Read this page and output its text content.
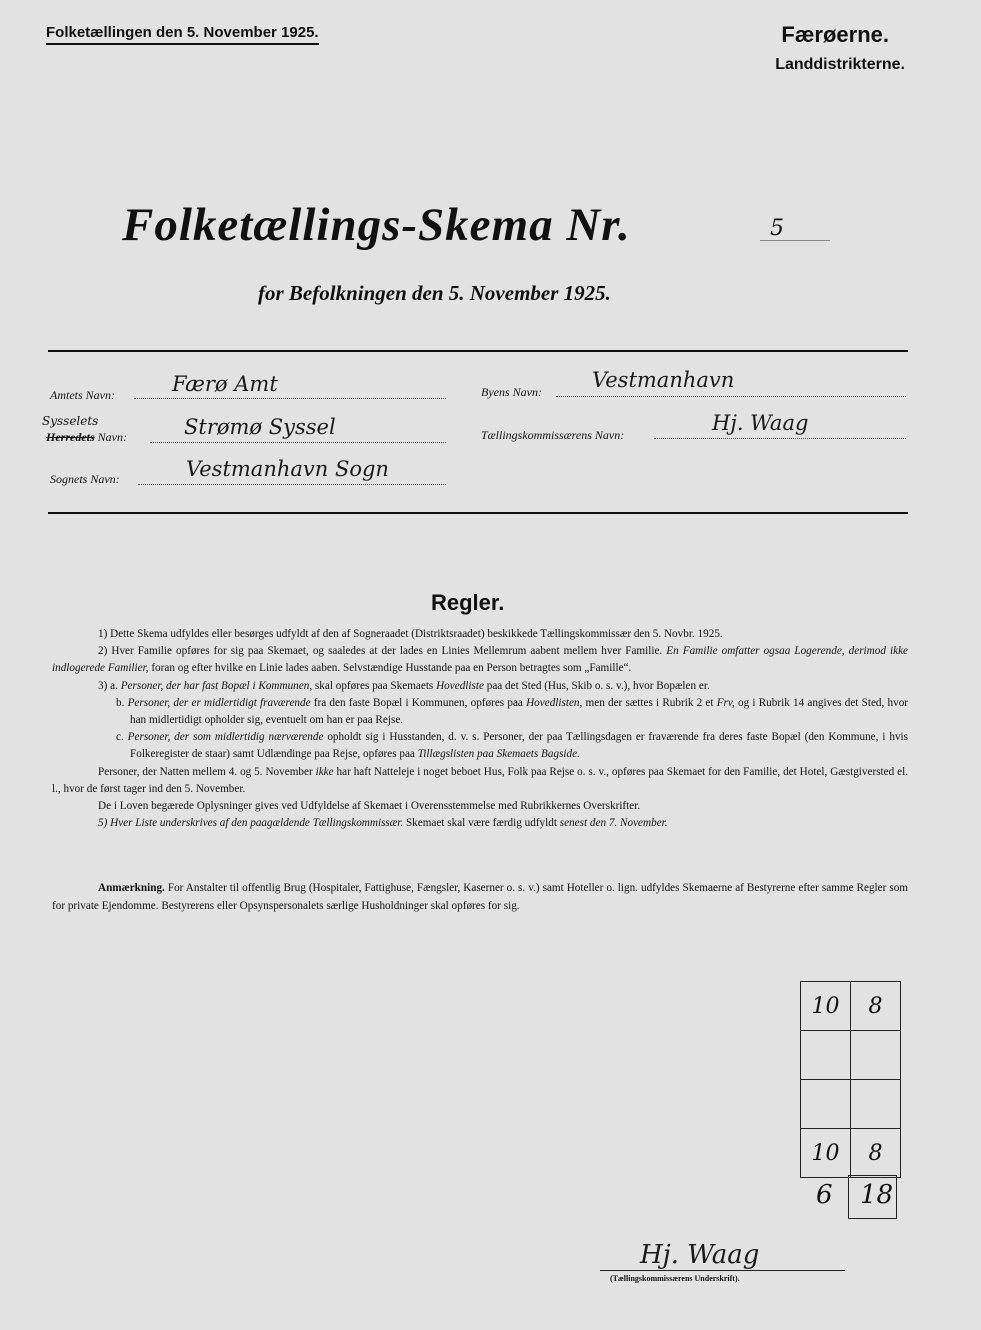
Folketællingen den 5. November 1925.	Færøerne.
Landdistrikterne.
Folketællings-Skema Nr.	5
for Befolkningen den 5. November 1925.
Amtets Navn:	Færø Amt	Byens Navn: Vestmanhavn
Sysselets
Herredets Navn:	Strømø Syssel	Tællingskommissærens Navn:	Hj. Waag
Sognets Navn:	Vestmanhavn Sogn
Regler.

1) Dette Skema udfyldes eller besørges udfyldt af den af Sogneraadet (Distriktsraadet) beskikkede Tællingskommissær den 5. Novbr. 1925.

2) Hver Familie opføres for sig paa Skemaet, og saaledes at der lades en Linies Mellemrum aabent mellem hver Familie. En Familie omfatter ogsaa Logerende, derimod ikke indlogerede Familier, foran og efter hvilke en Linie lades aaben. Selvstændige Husstande paa en Person betragtes som „Famille“.

3) a. Personer, der har fast Bopæl i Kommunen, skal opføres paa Skemaets Hovedliste paa det Sted (Hus, Skib o. s. v.), hvor Bopælen er.

b. Personer, der er midlertidigt fraværende fra den faste Bopæl i Kommunen, opføres paa Hovedlisten, men der sættes i Rubrik 2 et Frv, og i Rubrik 14 angives det Sted, hvor han midlertidigt opholder sig, eventuelt om han er paa Rejse.

c. Personer, der som midlertidig nærværende opholdt sig i Husstanden, d. v. s. Personer, der paa Tællingsdagen er fraværende fra deres faste Bopæl (den Kommune, i hvis Folkeregister de staar) samt Udlændinge paa Rejse, opføres paa Tillægslisten paa Skemaets Bagside.

Personer, der Natten mellem 4. og 5. November ikke har haft Natteleje i noget beboet Hus, Folk paa Rejse o. s. v., opføres paa Skemaet for den Familie, det Hotel, Gæstgiversted el. l., hvor de først tager ind den 5. November.

De i Loven begærede Oplysninger gives ved Udfyldelse af Skemaet i Overensstemmelse med Rubrikkernes Overskrifter.

5) Hver Liste underskrives af den paagældende Tællingskommissær. Skemaet skal være færdig udfyldt senest den 7. November.

Anmærkning. For Anstalter til offentlig Brug (Hospitaler, Fattighuse, Fængsler, Kaserner o. s. v.) samt Hoteller o. lign. udfyldes Skemaerne af Bestyrerne efter samme Regler som for private Ejendomme. Bestyrerens eller Opsynspersonalets særlige Husholdninger skal opføres for sig.
10	8

10	8
6 18
Hj. Waag
(Tællingskommissærens Underskrift).
